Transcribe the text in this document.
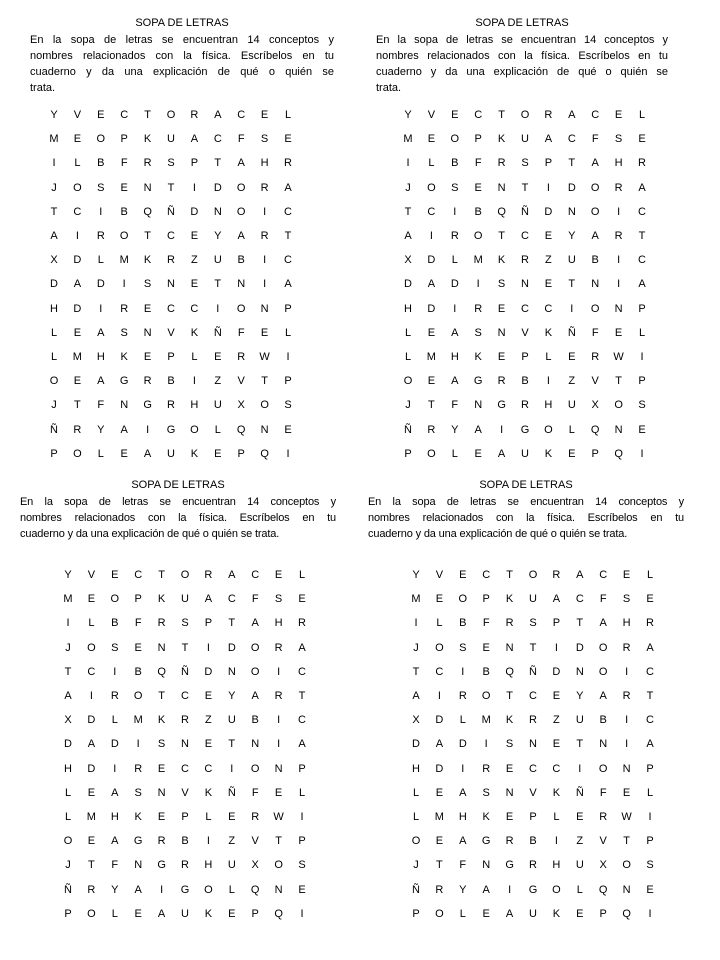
SOPA DE LETRAS
En la sopa de letras se encuentran 14 conceptos y
nombres relacionados con la física. Escríbelos en tu
cuaderno y da una explicación de qué o quién se
trata.
Y V E C T O R A C E L
M E O P K U A C F S E
I	L B F R S P T A H R
J O S E N T	I	D O R A
T C	I	B Q Ñ D N O	I	C
A	I	R O T C E Y A R T
X D L M K R Z U B	I	C
D A D	I	S N E T N	I	A
H D	I	R E C C	I	O N P
L E A S N V K Ñ F E L
L M H K E P L E R W	I
O E A G R B	I	Z V T P
J T F N G R H U X O S
Ñ R Y A	I	G O L Q N E
P O L E A U K E P Q	I
SOPA DE LETRAS
En la sopa de letras se encuentran 14 conceptos y
nombres relacionados con la física. Escríbelos en tu
cuaderno y da una explicación de qué o quién se
trata.
Y V E C T O R A C E L
M E O P K U A C F S E
I	L B F R S P T A H R
J O S E N T	I	D O R A
T C	I	B Q Ñ D N O	I	C
A	I	R O T C E Y A R T
X D L M K R Z U B	I	C
D A D	I	S N E T N	I	A
H D	I	R E C C	I	O N P
L E A S N V K Ñ F E L
L M H K E P L E R W	I
O E A G R B	I	Z V T P
J T F N G R H U X O S
Ñ R Y A	I	G O L Q N E
P O L E A U K E P Q	I
SOPA DE LETRAS
En la sopa de letras se encuentran 14 conceptos y
nombres relacionados con la física. Escríbelos en tu
cuaderno y da una explicación de qué o quién se trata.
Y V E C T O R A C E L
M E O P K U A C F S E
I	L B F R S P T A H R
J O S E N T	I	D O R A
T C	I	B Q Ñ D N O	I	C
A	I	R O T C E Y A R T
X D L M K R Z U B	I	C
D A D	I	S N E T N	I	A
H D	I	R E C C	I	O N P
L E A S N V K Ñ F E L
L M H K E P L E R W	I
O E A G R B	I	Z V T P
J T F N G R H U X O S
Ñ R Y A	I	G O L Q N E
P O L E A U K E P Q	I
SOPA DE LETRAS
En la sopa de letras se encuentran 14 conceptos y
nombres relacionados con la física. Escríbelos en tu
cuaderno y da una explicación de qué o quién se trata.
Y V E C T O R A C E L
M E O P K U A C F S E
I	L B F R S P T A H R
J O S E N T	I	D O R A
T C	I	B Q Ñ D N O	I	C
A	I	R O T C E Y A R T
X D L M K R Z U B	I	C
D A D	I	S N E T N	I	A
H D	I	R E C C	I	O N P
L E A S N V K Ñ F E L
L M H K E P L E R W	I
O E A G R B	I	Z V T P
J T F N G R H U X O S
Ñ R Y A	I	G O L Q N E
P O L E A U K E P Q	I
